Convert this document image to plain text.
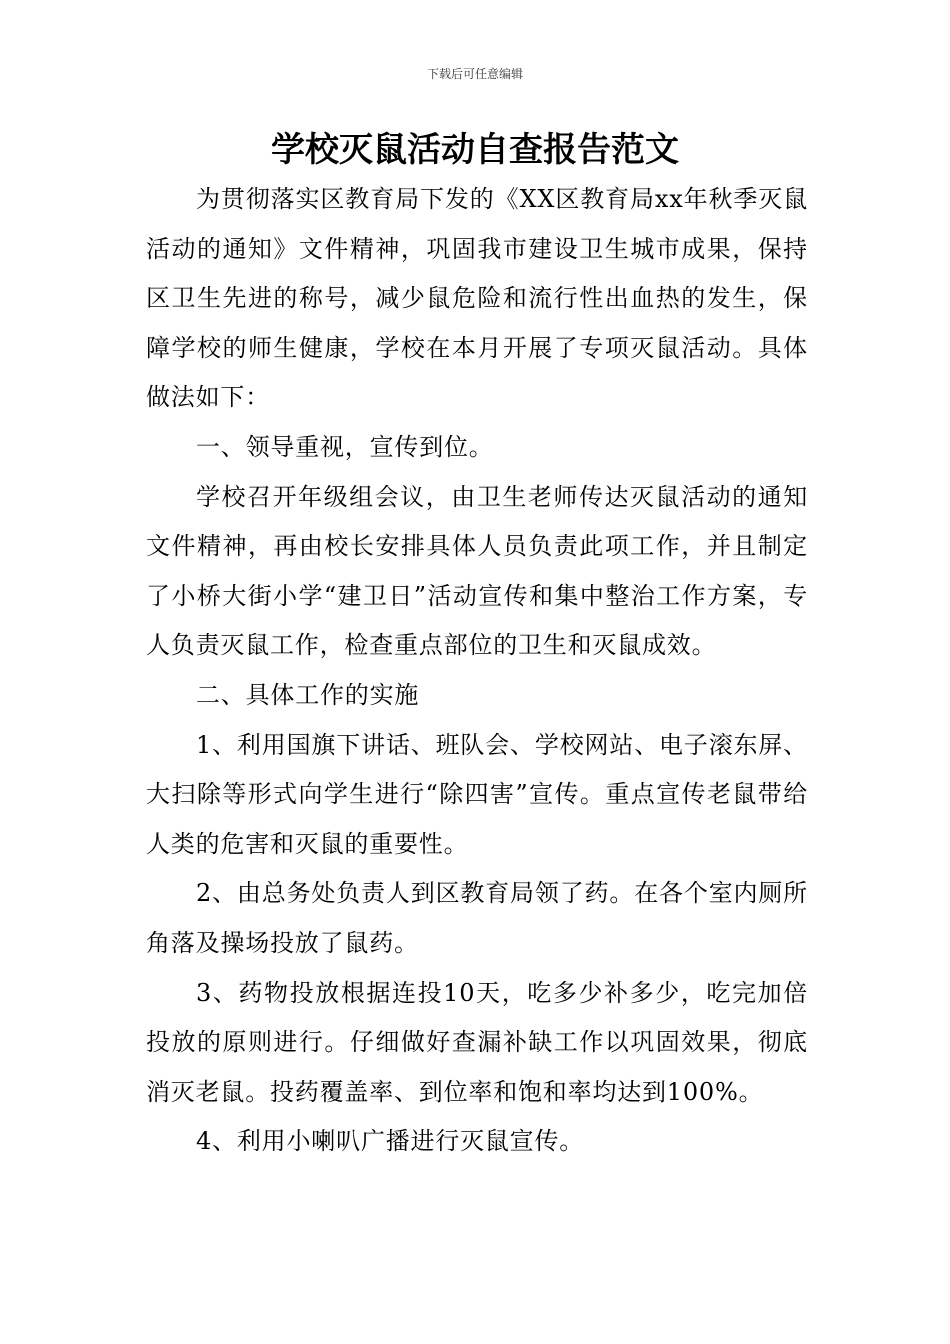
下载后可任意编辑
学校灭鼠活动自查报告范文

为贯彻落实区教育局下发的《XX区教育局xx年秋季灭鼠活动的通知》文件精神，巩固我市建设卫生城市成果，保持区卫生先进的称号，减少鼠危险和流行性出血热的发生，保障学校的师生健康，学校在本月开展了专项灭鼠活动。具体做法如下：

一、领导重视，宣传到位。

学校召开年级组会议，由卫生老师传达灭鼠活动的通知文件精神，再由校长安排具体人员负责此项工作，并且制定了小桥大街小学“建卫日”活动宣传和集中整治工作方案，专人负责灭鼠工作，检查重点部位的卫生和灭鼠成效。

二、具体工作的实施

1、利用国旗下讲话、班队会、学校网站、电子滚东屏、大扫除等形式向学生进行“除四害”宣传。重点宣传老鼠带给人类的危害和灭鼠的重要性。

2、由总务处负责人到区教育局领了药。在各个室内厕所角落及操场投放了鼠药。

3、药物投放根据连投10天，吃多少补多少，吃完加倍投放的原则进行。仔细做好查漏补缺工作以巩固效果，彻底消灭老鼠。投药覆盖率、到位率和饱和率均达到100%。

4、利用小喇叭广播进行灭鼠宣传。
